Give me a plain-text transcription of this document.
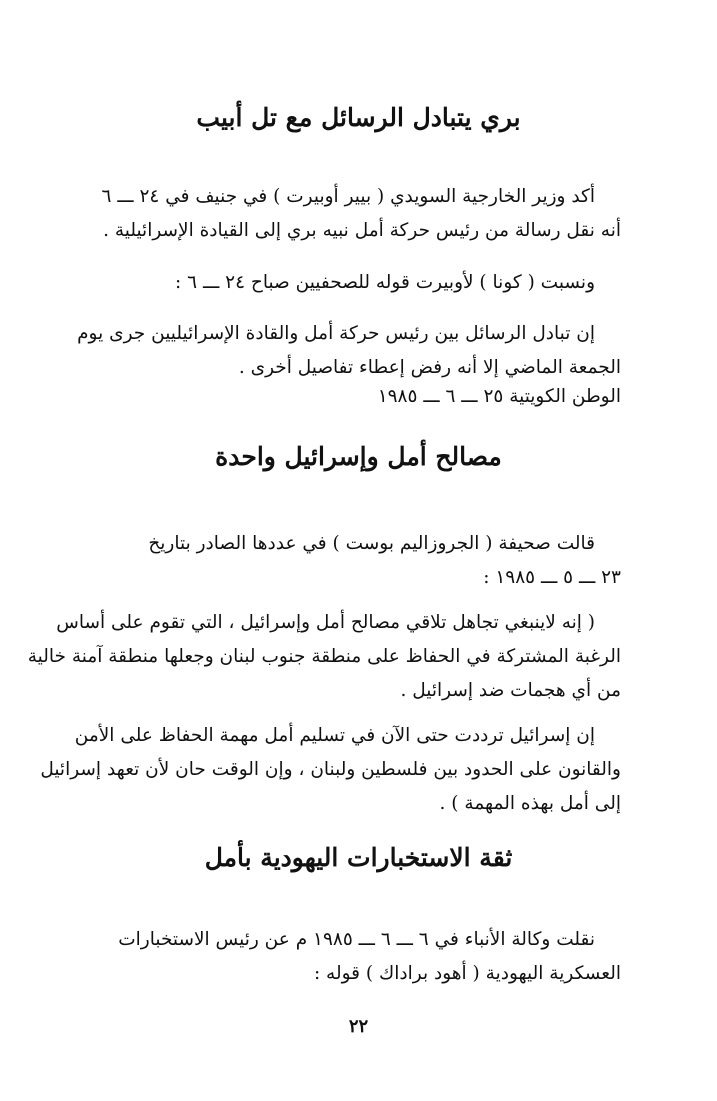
بري يتبادل الرسائل مع تل أبيب
أكد وزير الخارجية السويدي ( بيير أوبيرت ) في جنيف في ٢٤ ـــ ٦
أنه نقل رسالة من رئيس حركة أمل نبيه بري إلى القيادة الإسرائيلية .
ونسبت ( كونا ) لأوبيرت قوله للصحفيين صباح ٢٤ ـــ ٦ :
إن تبادل الرسائل بين رئيس حركة أمل والقادة الإسرائيليين جرى يوم
الجمعة الماضي إلا أنه رفض إعطاء تفاصيل أخرى .
الوطن الكويتية ٢٥ ـــ ٦ ـــ ١٩٨٥
مصالح أمل وإسرائيل واحدة
قالت صحيفة ( الجروزاليم بوست ) في عددها الصادر بتاريخ
٢٣ ـــ ٥ ـــ ١٩٨٥ :
( إنه لاينبغي تجاهل تلاقي مصالح أمل وإسرائيل ، التي تقوم على أساس
الرغبة المشتركة في الحفاظ على منطقة جنوب لبنان وجعلها منطقة آمنة خالية
من أي هجمات ضد إسرائيل .
إن إسرائيل ترددت حتى الآن في تسليم أمل مهمة الحفاظ على الأمن
والقانون على الحدود بين فلسطين ولبنان ، وإن الوقت حان لأن تعهد إسرائيل
إلى أمل بهذه المهمة ) .
ثقة الاستخبارات اليهودية بأمل
نقلت وكالة الأنباء في ٦ ـــ ٦ ـــ ١٩٨٥ م عن رئيس الاستخبارات
العسكرية اليهودية ( أهود براداك ) قوله :
٢٢
